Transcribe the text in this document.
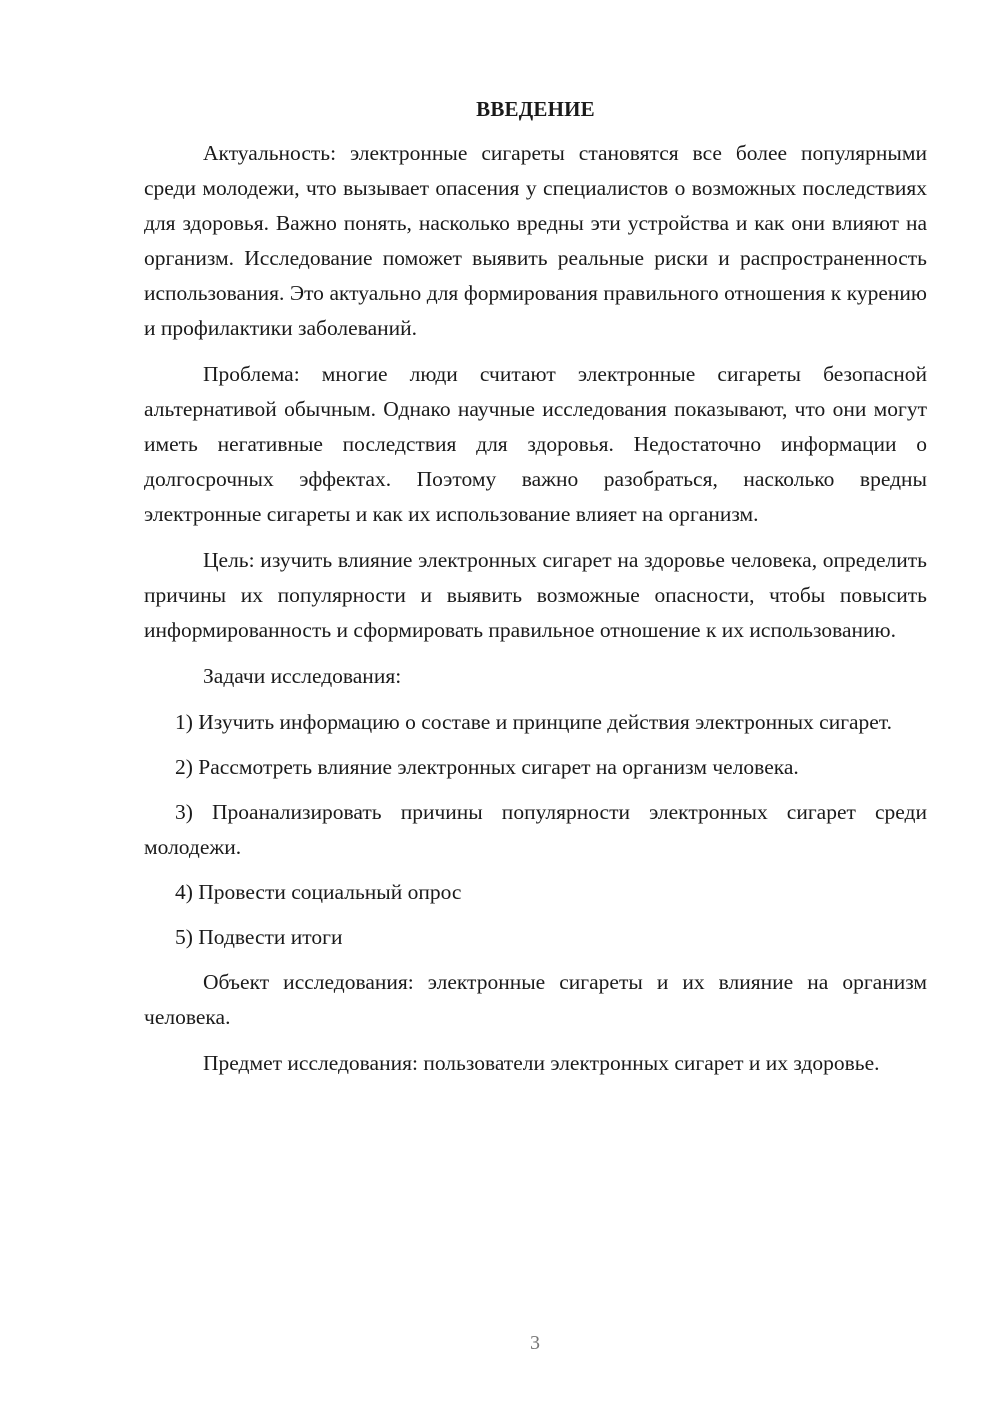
ВВЕДЕНИЕ

Актуальность: электронные сигареты становятся все более популярными среди молодежи, что вызывает опасения у специалистов о возможных последствиях для здоровья. Важно понять, насколько вредны эти устройства и как они влияют на организм. Исследование поможет выявить реальные риски и распространенность использования. Это актуально для формирования правильного отношения к курению и профилактики заболеваний.

Проблема: многие люди считают электронные сигареты безопасной альтернативой обычным. Однако научные исследования показывают, что они могут иметь негативные последствия для здоровья. Недостаточно информации о долгосрочных эффектах. Поэтому важно разобраться, насколько вредны электронные сигареты и как их использование влияет на организм.

Цель: изучить влияние электронных сигарет на здоровье человека, определить причины их популярности и выявить возможные опасности, чтобы повысить информированность и сформировать правильное отношение к их использованию.

Задачи исследования:

1) Изучить информацию о составе и принципе действия электронных сигарет.

2) Рассмотреть влияние электронных сигарет на организм человека.

3) Проанализировать причины популярности электронных сигарет среди молодежи.

4) Провести социальный опрос

5) Подвести итоги

Объект исследования: электронные сигареты и их влияние на организм человека.

Предмет исследования: пользователи электронных сигарет и их здоровье.

3
